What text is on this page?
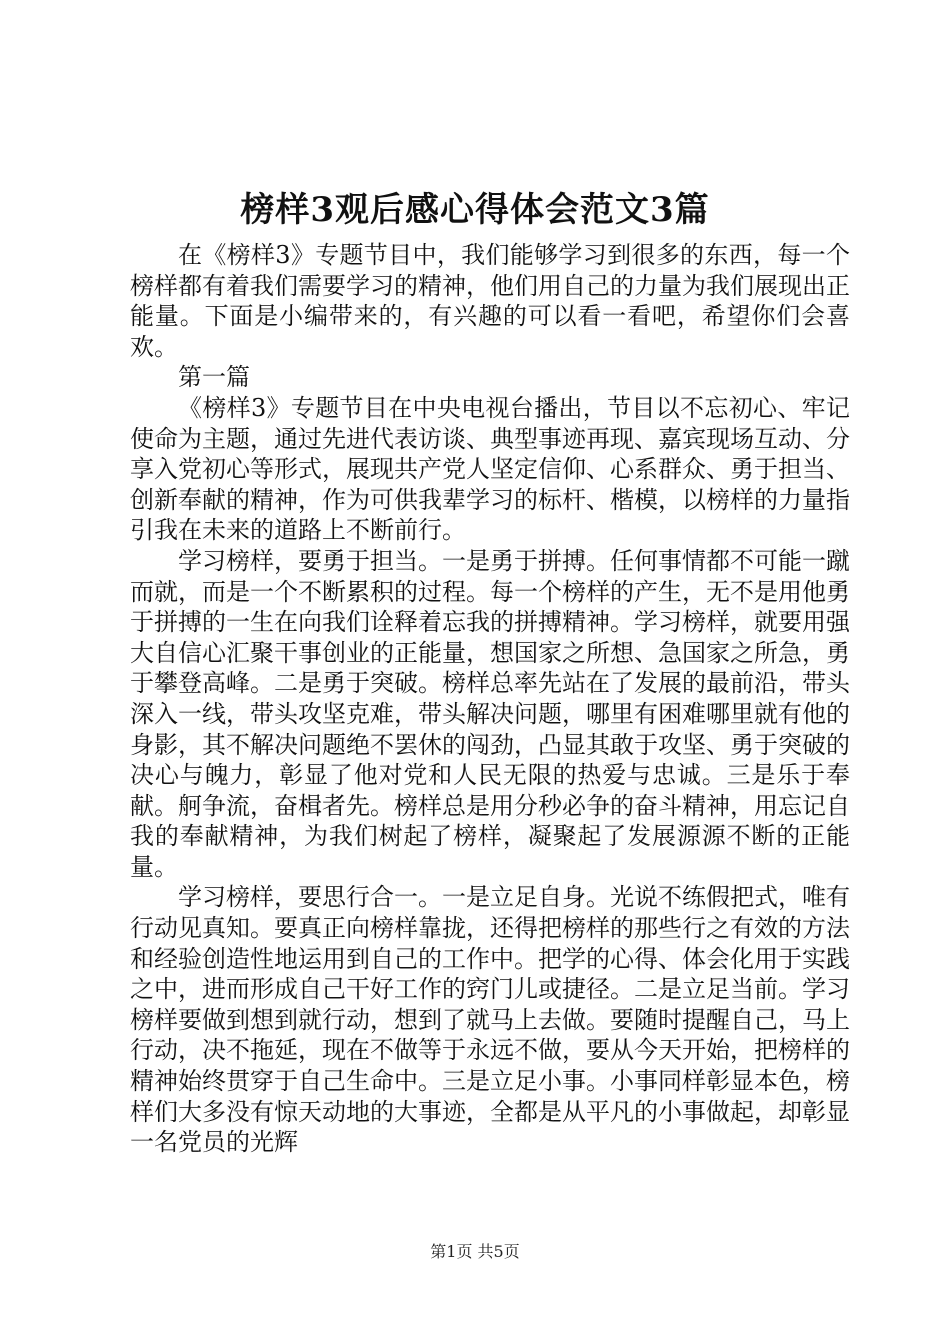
榜样3观后感心得体会范文3篇

在《榜样3》专题节目中，我们能够学习到很多的东西，每一个榜样都有着我们需要学习的精神，他们用自己的力量为我们展现出正能量。下面是小编带来的，有兴趣的可以看一看吧，希望你们会喜欢。

第一篇

《榜样3》专题节目在中央电视台播出，节目以不忘初心、牢记使命为主题，通过先进代表访谈、典型事迹再现、嘉宾现场互动、分享入党初心等形式，展现共产党人坚定信仰、心系群众、勇于担当、创新奉献的精神，作为可供我辈学习的标杆、楷模，以榜样的力量指引我在未来的道路上不断前行。

学习榜样，要勇于担当。一是勇于拼搏。任何事情都不可能一蹴而就，而是一个不断累积的过程。每一个榜样的产生，无不是用他勇于拼搏的一生在向我们诠释着忘我的拼搏精神。学习榜样，就要用强大自信心汇聚干事创业的正能量，想国家之所想、急国家之所急，勇于攀登高峰。二是勇于突破。榜样总率先站在了发展的最前沿，带头深入一线，带头攻坚克难，带头解决问题，哪里有困难哪里就有他的身影，其不解决问题绝不罢休的闯劲，凸显其敢于攻坚、勇于突破的决心与魄力，彰显了他对党和人民无限的热爱与忠诚。三是乐于奉献。舸争流，奋楫者先。榜样总是用分秒必争的奋斗精神，用忘记自我的奉献精神，为我们树起了榜样，凝聚起了发展源源不断的正能量。

学习榜样，要思行合一。一是立足自身。光说不练假把式，唯有行动见真知。要真正向榜样靠拢，还得把榜样的那些行之有效的方法和经验创造性地运用到自己的工作中。把学的心得、体会化用于实践之中，进而形成自己干好工作的窍门儿或捷径。二是立足当前。学习榜样要做到想到就行动，想到了就马上去做。要随时提醒自己，马上行动，决不拖延，现在不做等于永远不做，要从今天开始，把榜样的精神始终贯穿于自己生命中。三是立足小事。小事同样彰显本色，榜样们大多没有惊天动地的大事迹，全都是从平凡的小事做起，却彰显一名党员的光辉

第1页 共5页
